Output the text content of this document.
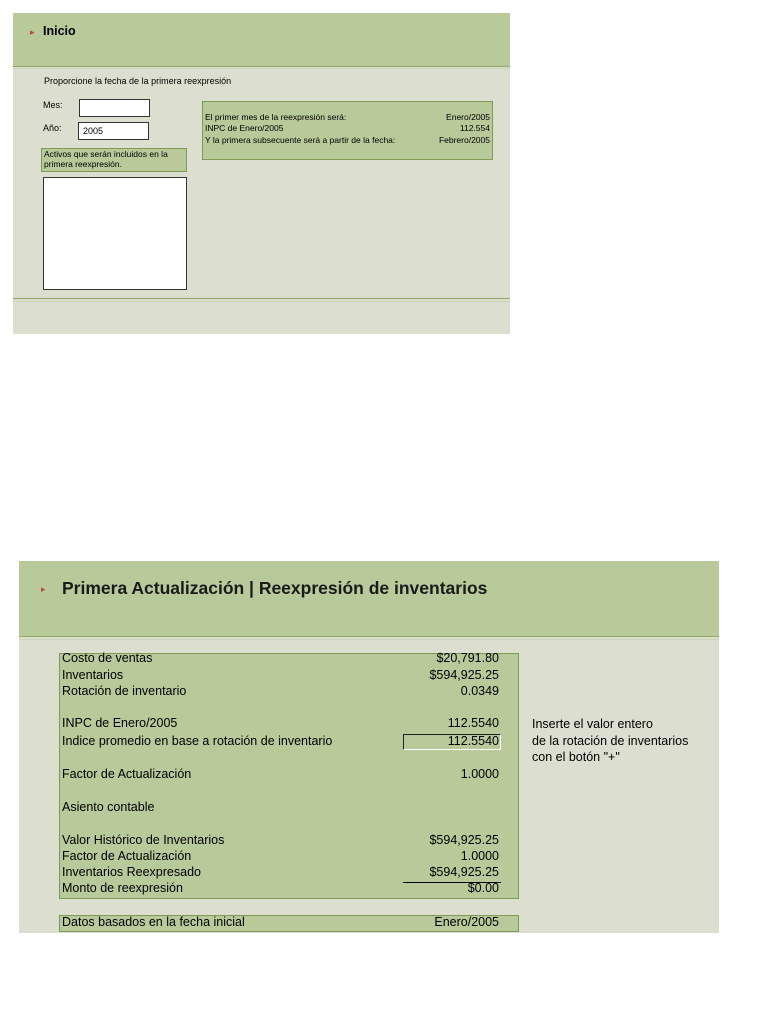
▸ Inicio
Proporcione la fecha de la primera reexpresión
Mes:
Año:	2005
Activos que serán incluidos en la primera reexpresión.
El primer mes de la reexpresión será:	Enero/2005
INPC de Enero/2005	112.554
Y la primera subsecuente será a partir de la fecha:	Febrero/2005
▸ Primera Actualización | Reexpresión de inventarios
Costo de ventas	$20,791.80
Inventarios	$594,925.25
Rotación de inventario	0.0349
INPC de Enero/2005	112.5540
Indice promedio en base a rotación de inventario	112.5540
Factor de Actualización	1.0000
Asiento contable
Valor Histórico de Inventarios	$594,925.25
Factor de Actualización	1.0000
Inventarios Reexpresado	$594,925.25
Monto de reexpresión	$0.00
Inserte el valor entero
de la rotación de inventarios
con el botón "+"
Datos basados en la fecha inicial	Enero/2005
